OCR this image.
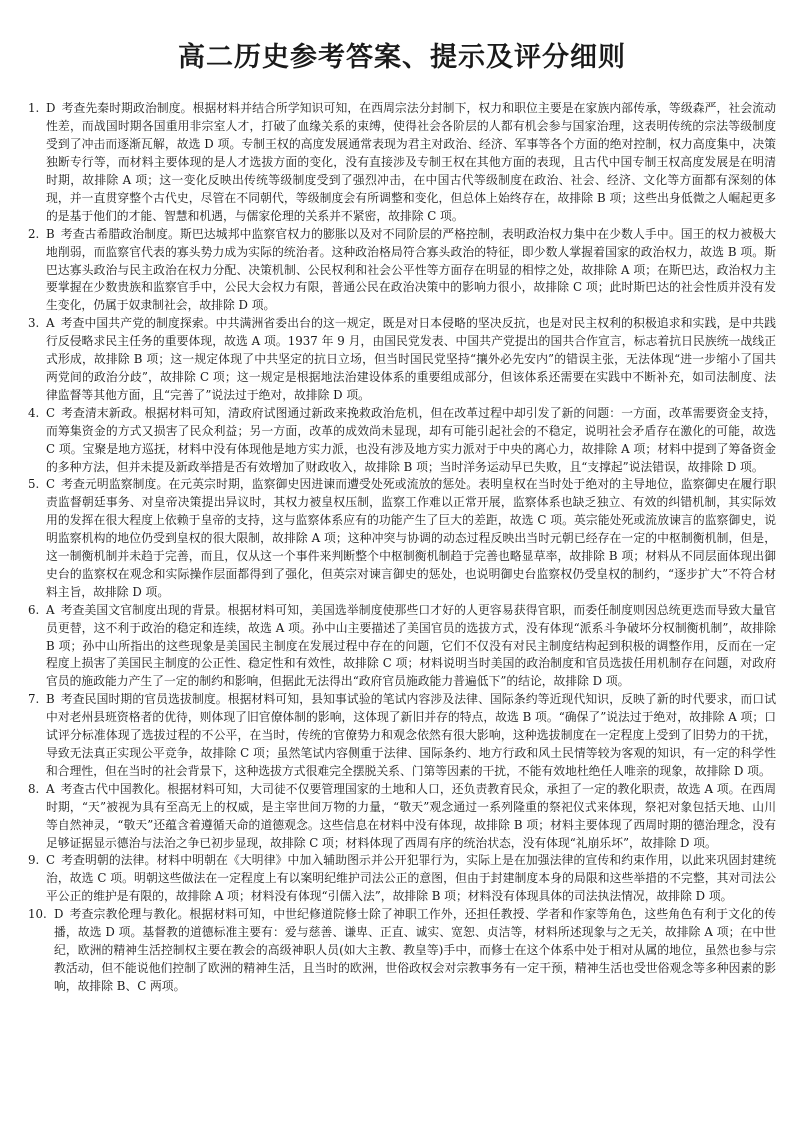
高二历史参考答案、提示及评分细则
1. D 考查先秦时期政治制度。根据材料并结合所学知识可知，在西周宗法分封制下，权力和职位主要是在家族内部传承，等级森严，社会流动性差，而战国时期各国重用非宗室人才，打破了血缘关系的束缚，使得社会各阶层的人都有机会参与国家治理，这表明传统的宗法等级制度受到了冲击而逐渐瓦解，故选 D 项。专制王权的高度发展通常表现为君主对政治、经济、军事等各个方面的绝对控制，权力高度集中，决策独断专行等，而材料主要体现的是人才选拔方面的变化，没有直接涉及专制王权在其他方面的表现，且古代中国专制王权高度发展是在明清时期，故排除 A 项；这一变化反映出传统等级制度受到了强烈冲击，在中国古代等级制度在政治、社会、经济、文化等方面都有深刻的体现，并一直贯穿整个古代史，尽管在不同朝代，等级制度会有所调整和变化，但总体上始终存在，故排除 B 项；这些出身低微之人崛起更多的是基于他们的才能、智慧和机遇，与儒家伦理的关系并不紧密，故排除 C 项。
2. B 考查古希腊政治制度。斯巴达城邦中监察官权力的膨胀以及对不同阶层的严格控制，表明政治权力集中在少数人手中。国王的权力被极大地削弱，而监察官代表的寡头势力成为实际的统治者。这种政治格局符合寡头政治的特征，即少数人掌握着国家的政治权力，故选 B 项。斯巴达寡头政治与民主政治在权力分配、决策机制、公民权利和社会公平性等方面存在明显的相悖之处，故排除 A 项；在斯巴达，政治权力主要掌握在少数贵族和监察官手中，公民大会权力有限，普通公民在政治决策中的影响力很小，故排除 C 项；此时斯巴达的社会性质并没有发生变化，仍属于奴隶制社会，故排除 D 项。
3. A 考查中国共产党的制度探索。中共满洲省委出台的这一规定，既是对日本侵略的坚决反抗，也是对民主权利的积极追求和实践，是中共践行反侵略求民主任务的重要体现，故选 A 项。1937 年 9 月，由国民党发表、中国共产党提出的国共合作宣言，标志着抗日民族统一战线正式形成，故排除 B 项；这一规定体现了中共坚定的抗日立场，但当时国民党坚持“攘外必先安内”的错误主张，无法体现“进一步缩小了国共两党间的政治分歧”，故排除 C 项；这一规定是根据地法治建设体系的重要组成部分，但该体系还需要在实践中不断补充，如司法制度、法律监督等其他方面，且“完善了”说法过于绝对，故排除 D 项。
4. C 考查清末新政。根据材料可知，清政府试图通过新政来挽救政治危机，但在改革过程中却引发了新的问题：一方面，改革需要资金支持，而筹集资金的方式又损害了民众利益；另一方面，改革的成效尚未显现，却有可能引起社会的不稳定，说明社会矛盾存在激化的可能，故选 C 项。宝聚是地方巡抚，材料中没有体现他是地方实力派，也没有涉及地方实力派对于中央的离心力，故排除 A 项；材料中提到了筹备资金的多种方法，但并未提及新政举措是否有效增加了财政收入，故排除 B 项；当时洋务运动早已失败，且“支撑起”说法错误，故排除 D 项。
5. C 考查元明监察制度。在元英宗时期，监察御史因进谏而遭受处死或流放的惩处。表明皇权在当时处于绝对的主导地位，监察御史在履行职责监督朝廷事务、对皇帝决策提出异议时，其权力被皇权压制，监察工作难以正常开展，监察体系也缺乏独立、有效的纠错机制，其实际效用的发挥在很大程度上依赖于皇帝的支持，这与监察体系应有的功能产生了巨大的差距，故选 C 项。英宗能处死或流放谏言的监察御史，说明监察机构的地位仍受到皇权的很大限制，故排除 A 项；这种冲突与协调的动态过程反映出当时元朝已经存在一定的中枢制衡机制，但是，这一制衡机制并未趋于完善，而且，仅从这一个事件来判断整个中枢制衡机制趋于完善也略显草率，故排除 B 项；材料从不同层面体现出御史台的监察权在观念和实际操作层面都得到了强化，但英宗对谏言御史的惩处，也说明御史台监察权仍受皇权的制约，“逐步扩大”不符合材料主旨，故排除 D 项。
6. A 考查美国文官制度出现的背景。根据材料可知，美国选举制度使那些口才好的人更容易获得官职，而委任制度则因总统更迭而导致大量官员更替，这不利于政治的稳定和连续，故选 A 项。孙中山主要描述了美国官员的选拔方式，没有体现“派系斗争破坏分权制衡机制”，故排除 B 项；孙中山所指出的这些现象是美国民主制度在发展过程中存在的问题，它们不仅没有对民主制度结构起到积极的调整作用，反而在一定程度上损害了美国民主制度的公正性、稳定性和有效性，故排除 C 项；材料说明当时美国的政治制度和官员选拔任用机制存在问题，对政府官员的施政能力产生了一定的制约和影响，但据此无法得出“政府官员施政能力普遍低下”的结论，故排除 D 项。
7. B 考查民国时期的官员选拔制度。根据材料可知，县知事试验的笔试内容涉及法律、国际条约等近现代知识，反映了新的时代要求，而口试中对老州县班资格者的优待，则体现了旧官僚体制的影响，这体现了新旧并存的特点，故选 B 项。“确保了”说法过于绝对，故排除 A 项；口试评分标准体现了选拔过程的不公平，在当时，传统的官僚势力和观念依然有很大影响，这种选拔制度在一定程度上受到了旧势力的干扰，导致无法真正实现公平竞争，故排除 C 项；虽然笔试内容侧重于法律、国际条约、地方行政和风土民情等较为客观的知识，有一定的科学性和合理性，但在当时的社会背景下，这种选拔方式很难完全摆脱关系、门第等因素的干扰，不能有效地杜绝任人唯亲的现象，故排除 D 项。
8. A 考查古代中国教化。根据材料可知，大司徒不仅要管理国家的土地和人口，还负责教育民众，承担了一定的教化职责，故选 A 项。在西周时期，“天”被视为具有至高无上的权威，是主宰世间万物的力量，“敬天”观念通过一系列隆重的祭祀仪式来体现，祭祀对象包括天地、山川等自然神灵，“敬天”还蕴含着遵循天命的道德观念。这些信息在材料中没有体现，故排除 B 项；材料主要体现了西周时期的德治理念，没有足够证据显示德治与法治之争已初步显现，故排除 C 项；材料体现了西周有序的统治状态，没有体现“礼崩乐坏”，故排除 D 项。
9. C 考查明朝的法律。材料中明朝在《大明律》中加入辅助图示并公开犯罪行为，实际上是在加强法律的宣传和约束作用，以此来巩固封建统治，故选 C 项。明朝这些做法在一定程度上有以案明纪维护司法公正的意图，但由于封建制度本身的局限和这些举措的不完整，其对司法公平公正的维护是有限的，故排除 A 项；材料没有体现“引儒入法”，故排除 B 项；材料没有体现具体的司法执法情况，故排除 D 项。
10. D 考查宗教伦理与教化。根据材料可知，中世纪修道院修士除了神职工作外，还担任教授、学者和作家等角色，这些角色有利于文化的传播，故选 D 项。基督教的道德标准主要有：爱与慈善、谦卑、正直、诚实、宽恕、贞洁等，材料所述现象与之无关，故排除 A 项；在中世纪，欧洲的精神生活控制权主要在教会的高级神职人员(如大主教、教皇等)手中，而修士在这个体系中处于相对从属的地位，虽然也参与宗教活动，但不能说他们控制了欧洲的精神生活，且当时的欧洲，世俗政权会对宗教事务有一定干预，精神生活也受世俗观念等多种因素的影响，故排除 B、C 两项。
